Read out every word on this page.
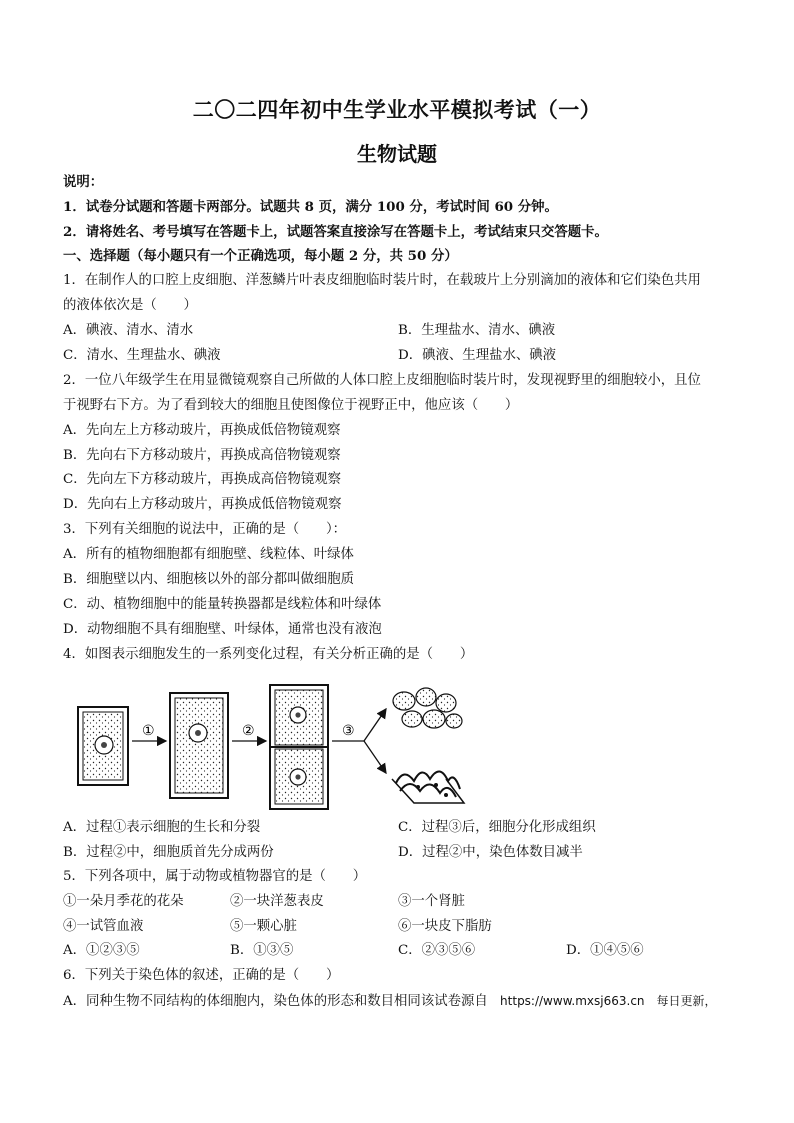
二〇二四年初中生学业水平模拟考试（一）
生物试题
说明：
1．试卷分试题和答题卡两部分。试题共 8 页，满分 100 分，考试时间 60 分钟。
2．请将姓名、考号填写在答题卡上，试题答案直接涂写在答题卡上，考试结束只交答题卡。
一、选择题（每小题只有一个正确选项，每小题 2 分，共 50 分）
1．在制作人的口腔上皮细胞、洋葱鳞片叶表皮细胞临时装片时，在载玻片上分别滴加的液体和它们染色共用
的液体依次是（　　）
A．碘液、清水、清水	B．生理盐水、清水、碘液
C．清水、生理盐水、碘液	D．碘液、生理盐水、碘液
2．一位八年级学生在用显微镜观察自己所做的人体口腔上皮细胞临时装片时，发现视野里的细胞较小，且位
于视野右下方。为了看到较大的细胞且使图像位于视野正中，他应该（　　）
A．先向左上方移动玻片，再换成低倍物镜观察
B．先向右下方移动玻片，再换成高倍物镜观察
C．先向左下方移动玻片，再换成高倍物镜观察
D．先向右上方移动玻片，再换成低倍物镜观察
3．下列有关细胞的说法中，正确的是（　　）：
A．所有的植物细胞都有细胞壁、线粒体、叶绿体
B．细胞壁以内、细胞核以外的部分都叫做细胞质
C．动、植物细胞中的能量转换器都是线粒体和叶绿体
D．动物细胞不具有细胞壁、叶绿体，通常也没有液泡
4．如图表示细胞发生的一系列变化过程，有关分析正确的是（　　）
①	②	③
A．过程①表示细胞的生长和分裂	C．过程③后，细胞分化形成组织
B．过程②中，细胞质首先分成两份	D．过程②中，染色体数目减半
5．下列各项中，属于动物或植物器官的是（　　）
①一朵月季花的花朵	②一块洋葱表皮	③一个肾脏
④一试管血液	⑤一颗心脏	⑥一块皮下脂肪
A．①②③⑤	B．①③⑤	C．②③⑤⑥	D．①④⑤⑥
6．下列关于染色体的叙述，正确的是（　　）
A．同种生物不同结构的体细胞内，染色体的形态和数目相同该试卷源自 https://www.mxsj663.cn　每日更新，
